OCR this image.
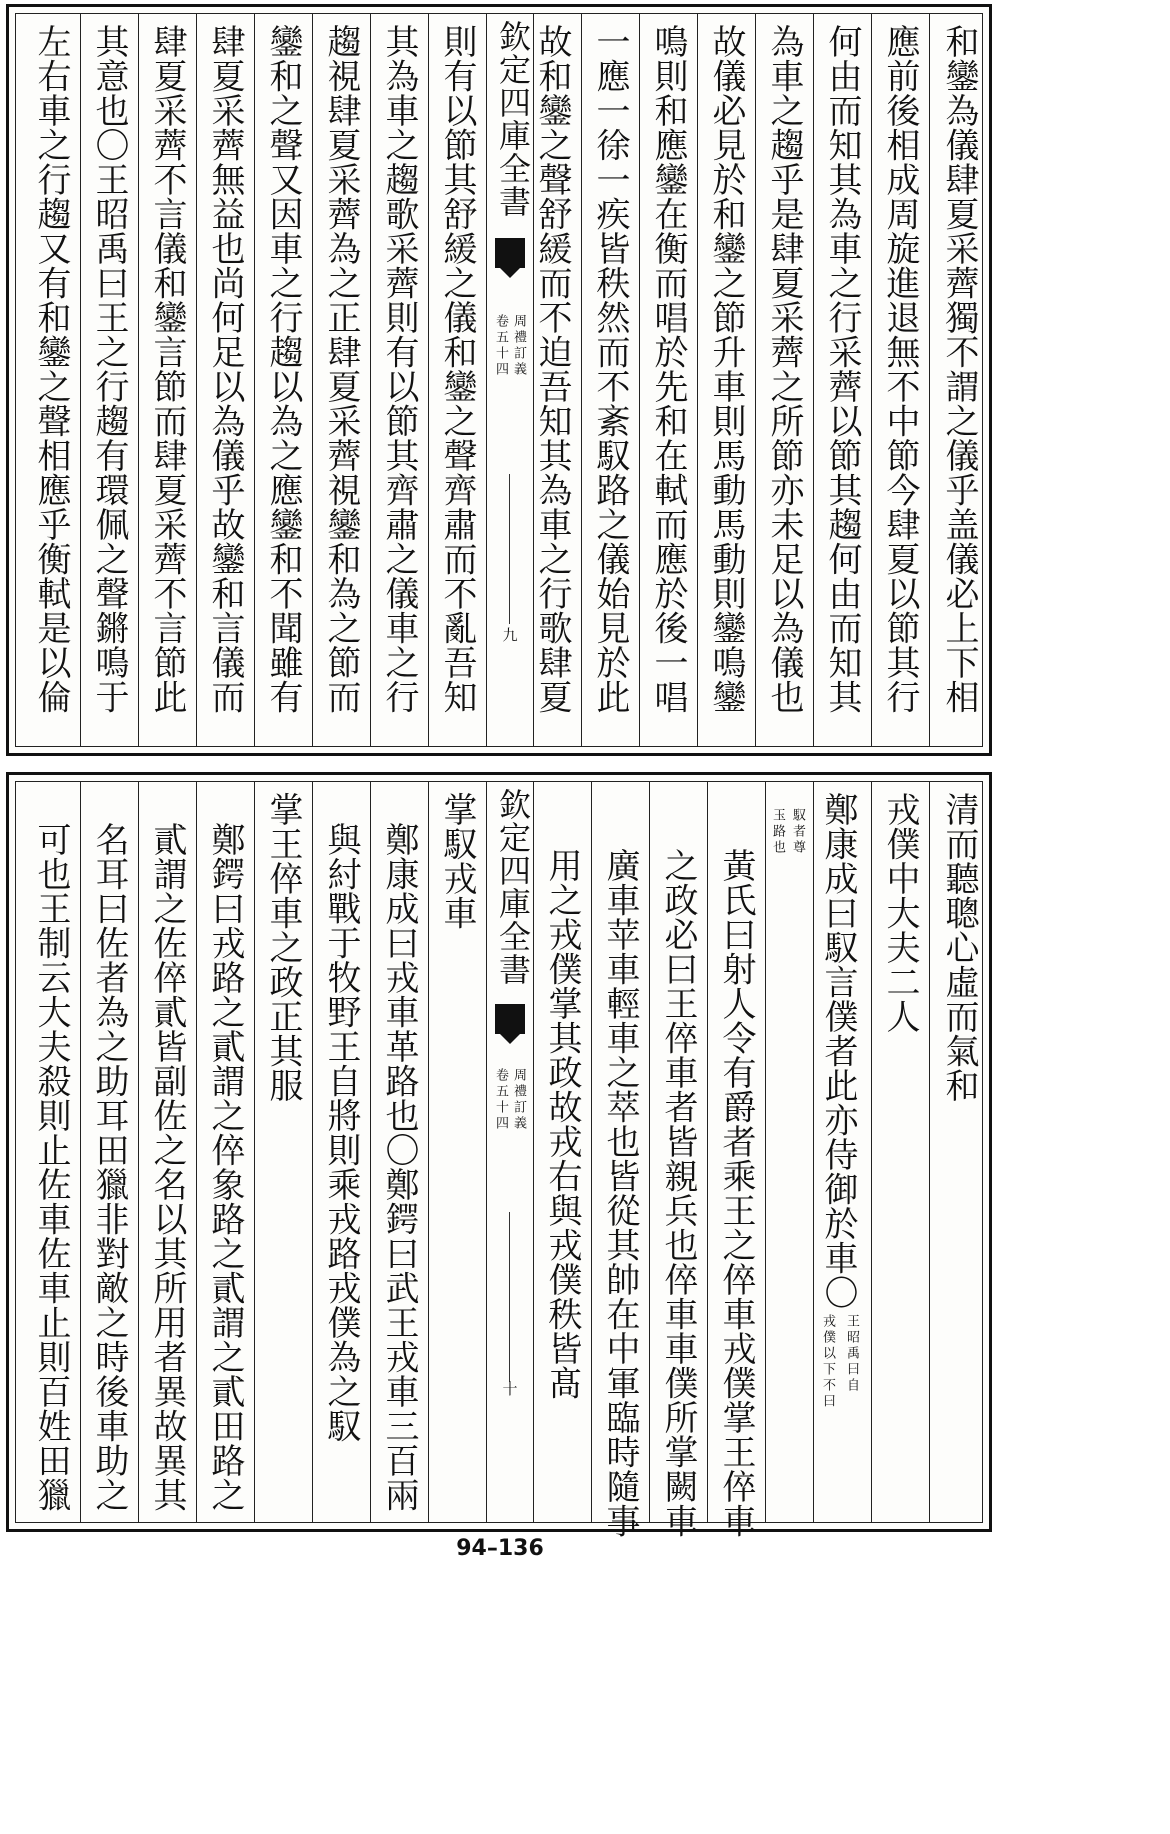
和鑾為儀肆夏采薺獨不謂之儀乎盖儀必上下相
應前後相成周旋進退無不中節今肆夏以節其行
何由而知其為車之行采薺以節其趨何由而知其
為車之趨乎是肆夏采薺之所節亦未足以為儀也
故儀必見於和鑾之節升車則馬動馬動則鑾鳴鑾
鳴則和應鑾在衡而唱於先和在軾而應於後一唱
一應一徐一疾皆秩然而不紊馭路之儀始見於此
故和鑾之聲舒緩而不迫吾知其為車之行歌肆夏
欽定四庫全書
周禮訂義
卷五十四
九
則有以節其舒緩之儀和鑾之聲齊肅而不亂吾知
其為車之趨歌采薺則有以節其齊肅之儀車之行
趨視肆夏采薺為之正肆夏采薺視鑾和為之節而
鑾和之聲又因車之行趨以為之應鑾和不聞雖有
肆夏采薺無益也尚何足以為儀乎故鑾和言儀而
肆夏采薺不言儀和鑾言節而肆夏采薺不言節此
其意也〇王昭禹曰王之行趨有環佩之聲鏘鳴于
左右車之行趨又有和鑾之聲相應乎衡軾是以倫
清而聽聰心虛而氣和
戎僕中大夫二人
鄭康成曰馭言僕者此亦侍御於車〇
王昭禹曰自
戎僕以下不曰
馭者尊
玉路也
黃氏曰射人令有爵者乘王之倅車戎僕掌王倅車
之政必曰王倅車者皆親兵也倅車車僕所掌闕車
廣車苹車輕車之萃也皆從其帥在中軍臨時隨事
用之戎僕掌其政故戎右與戎僕秩皆髙
欽定四庫全書
周禮訂義
卷五十四
十
掌馭戎車
鄭康成曰戎車革路也〇鄭鍔曰武王戎車三百兩
與紂戰于牧野王自將則乘戎路戎僕為之馭
掌王倅車之政正其服
鄭鍔曰戎路之貳謂之倅象路之貳謂之貳田路之
貳謂之佐倅貳皆副佐之名以其所用者異故異其
名耳曰佐者為之助耳田獵非對敵之時後車助之
可也王制云大夫殺則止佐車佐車止則百姓田獵
94–136
